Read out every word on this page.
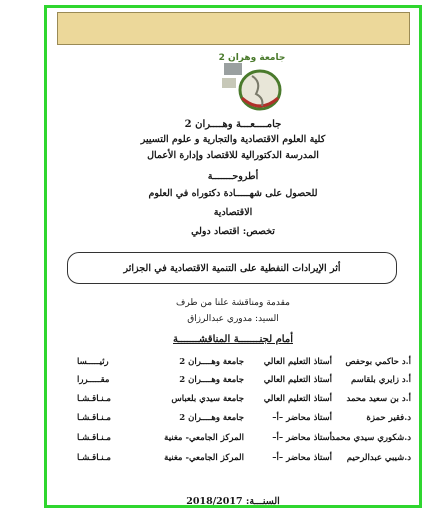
جامعة وهران 2
جامــــعـــة وهــــران 2
كلية العلوم الاقتصادية والتجارية و علوم التسيير
المدرسة الدكتورالية للاقتصاد وإدارة الأعمال
أطروحـــــــة
للحصول على شهـــــادة دكتوراه في العلوم
الاقتصادية
تخصص: اقتصاد دولي
أثر الإيرادات النفطية على التنمية الاقتصادية في الجزائر
مقدمة ومناقشة علنا من طرف
السيد: مدوري عبدالرزاق
أمام لجنـــــــة المناقشـــــــة
أ.د حاكمي بوحفص
أستاذ التعليم العالي
جامعة وهــــران 2
رئيـــــسا
أ.د زايري بلقاسم
أستاذ التعليم العالي
جامعة وهــــران 2
مقـــــررا
أ.د بن سعيد محمد
أستاذ التعليم العالي
جامعة سيدي بلعباس
مـنـاقـشـا
د.فقير حمزة
أستاذ محاضر –أ–
جامعة وهــــران 2
مـنـاقـشـا
د.شكوري سيدي محمد
أستاذ محاضر –أ–
المركز الجامعي- مغنية
مـنـاقـشـا
د.شيبي عبدالرحيم
أستاذ محاضر –أ–
المركز الجامعي- مغنية
مـنـاقـشـا
السنـــة: 2018/2017
